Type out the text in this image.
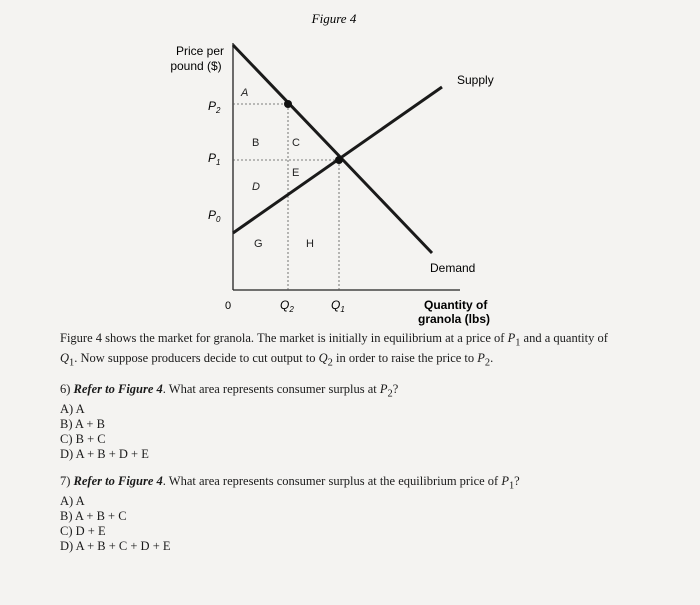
Figure 4
Price per
pound ($)
$P_2$
$P_1$
$P_0$
A
B	C
D
E
G	H
Supply
Demand
0	$Q_2$	$Q_1$	Quantity of
granola (lbs)

Figure 4 shows the market for granola. The market is initially in equilibrium at a price of $P_1$ and a quantity of $Q_1$. Now suppose producers decide to cut output to $Q_2$ in order to raise the price to $P_2$.

6) Refer to Figure 4. What area represents consumer surplus at $P_2$?
A) A
B) A + B
C) B + C
D) A + B + D + E
7) Refer to Figure 4. What area represents consumer surplus at the equilibrium price of $P_1$?
A) A
B) A + B + C
C) D + E
D) A + B + C + D + E
